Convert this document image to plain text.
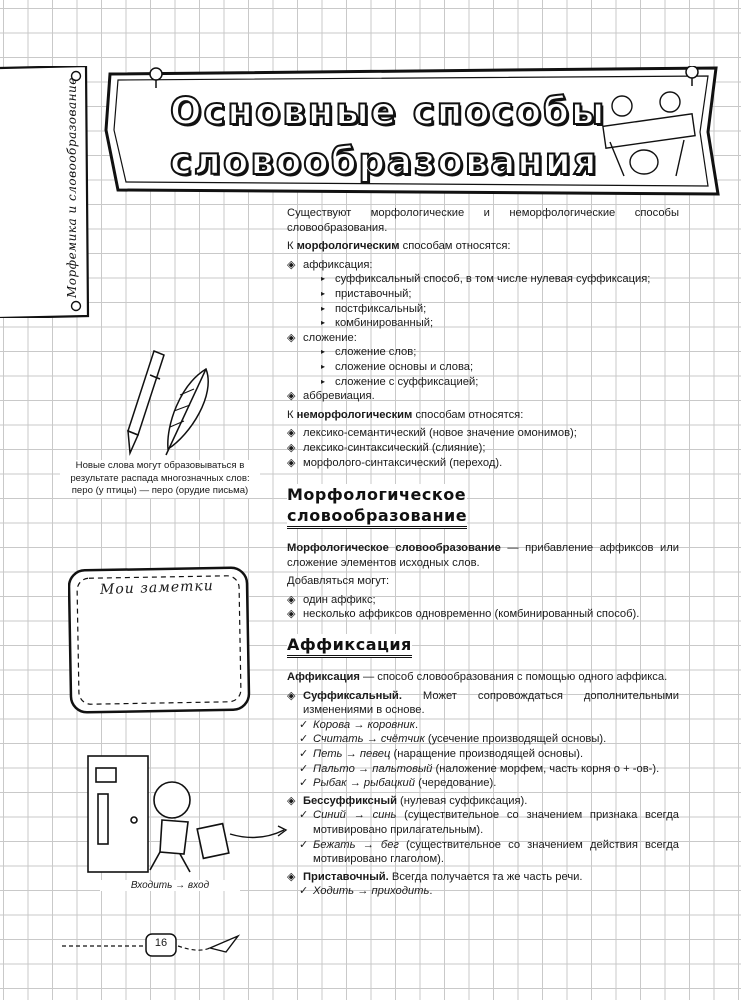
Морфемика и словообразование Основные способы
словообразования

Существуют морфологические и неморфологические способы словообразования.

К морфологическим способам относятся:

◈ аффиксация:
▸ суффиксальный способ, в том числе нулевая суффиксация;
▸ приставочный;
▸ постфиксальный;
▸ комбинированный;
◈ сложение:
▸ сложение слов;
▸ сложение основы и слова;
▸ сложение с суффиксацией;
◈ аббревиация.

К неморфологическим способам относятся:

◈ лексико-семантический (новое значение омонимов);
◈ лексико-синтаксический (слияние);
◈ морфолого-синтаксический (переход).
Морфологическое
словообразование

Морфологическое словообразование — прибавление аффиксов или сложение элементов исходных слов.

Добавляться могут:

◈ один аффикс;
◈ несколько аффиксов одновременно (комбинированный способ).
Аффиксация

Аффиксация — способ словообразования с помощью одного аффикса.

◈ Суффиксальный. Может сопровождаться дополнительными изменениями в основе.
✓ Корова → коровник.
✓ Считать → счётчик (усечение производящей основы).
✓ Петь → певец (наращение производящей основы).
✓ Пальто → пальтовый (наложение морфем, часть корня о + -ов-).
✓ Рыбак → рыбацкий (чередование).
◈ Бессуффиксный (нулевая суффиксация).
✓ Синий → синь (существительное со значением признака всегда мотивировано прилагательным).
✓ Бежать → бег (существительное со значением действия всегда мотивировано глаголом).
◈ Приставочный. Всегда получается та же часть речи.
✓ Ходить → приходить.
Новые слова могут образовываться в результате распада многозначных слов: перо (у птицы) — перо (орудие письма)
Мои заметки
Входить → вход
16
